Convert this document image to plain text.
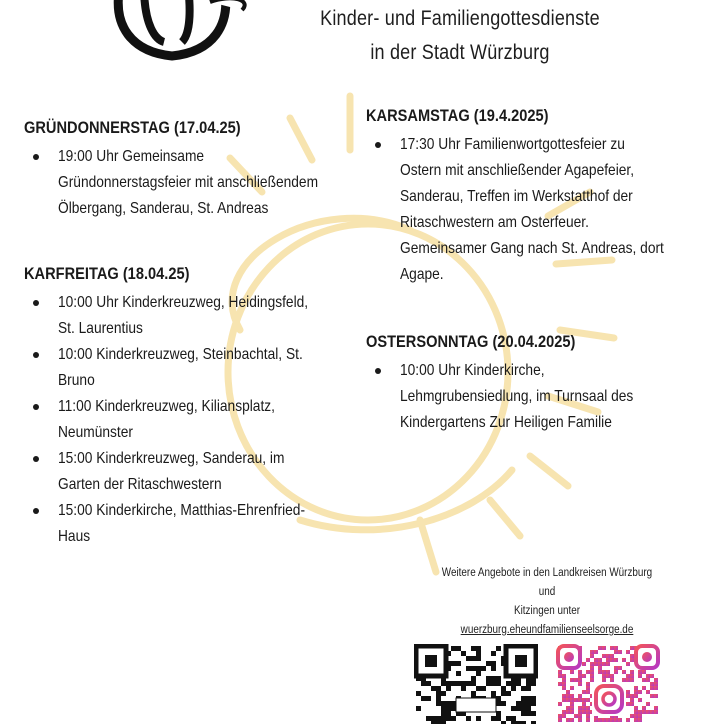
Kinder- und Familiengottesdienste
in der Stadt Würzburg
GRÜNDONNERSTAG (17.04.25)
19:00 Uhr Gemeinsame
Gründonnerstagsfeier mit anschließendem
Ölbergang, Sanderau, St. Andreas
KARFREITAG (18.04.25)
10:00 Uhr Kinderkreuzweg, Heidingsfeld,
St. Laurentius
10:00 Kinderkreuzweg, Steinbachtal, St.
Bruno
11:00 Kinderkreuzweg, Kiliansplatz,
Neumünster
15:00 Kinderkreuzweg, Sanderau, im
Garten der Ritaschwestern
15:00 Kinderkirche, Matthias-Ehrenfried-
Haus
KARSAMSTAG (19.4.2025)
17:30 Uhr Familienwortgottesfeier zu
Ostern mit anschließender Agapefeier,
Sanderau, Treffen im Werkstatthof der
Ritaschwestern am Osterfeuer.
Gemeinsamer Gang nach St. Andreas, dort
Agape.
OSTERSONNTAG (20.04.2025)
10:00 Uhr Kinderkirche,
Lehmgrubensiedlung, im Turnsaal des
Kindergartens Zur Heiligen Familie
Weitere Angebote in den Landkreisen Würzburg und
Kitzingen unter
wuerzburg.eheundfamilienseelsorge.de
